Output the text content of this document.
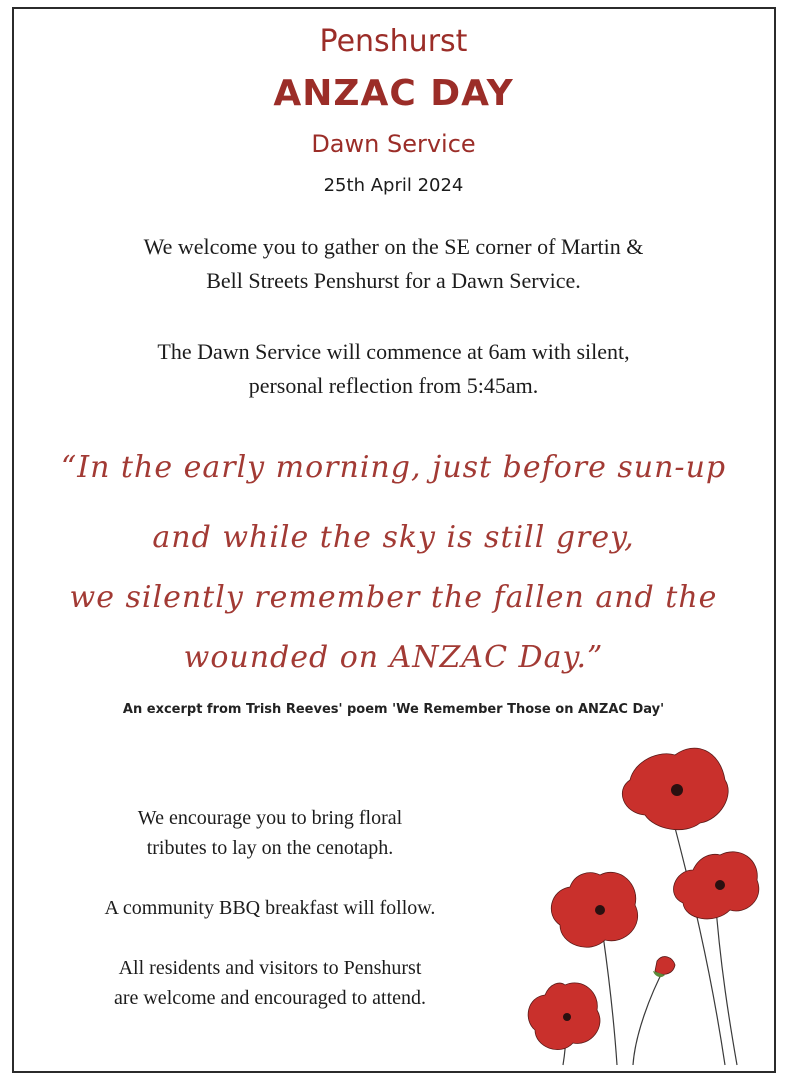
Penshurst
ANZAC DAY
Dawn Service
25th April 2024
We welcome you to gather on the SE corner of Martin &
Bell Streets Penshurst for a Dawn Service.
The Dawn Service will commence at 6am with silent,
personal reflection from 5:45am.
“In the early morning, just before sun-up
and while the sky is still grey,
we silently remember the fallen and the
wounded on ANZAC Day.”
An excerpt from Trish Reeves' poem 'We Remember Those on ANZAC Day'
We encourage you to bring floral
tributes to lay on the cenotaph.
A community BBQ breakfast will follow.
All residents and visitors to Penshurst
are welcome and encouraged to attend.
